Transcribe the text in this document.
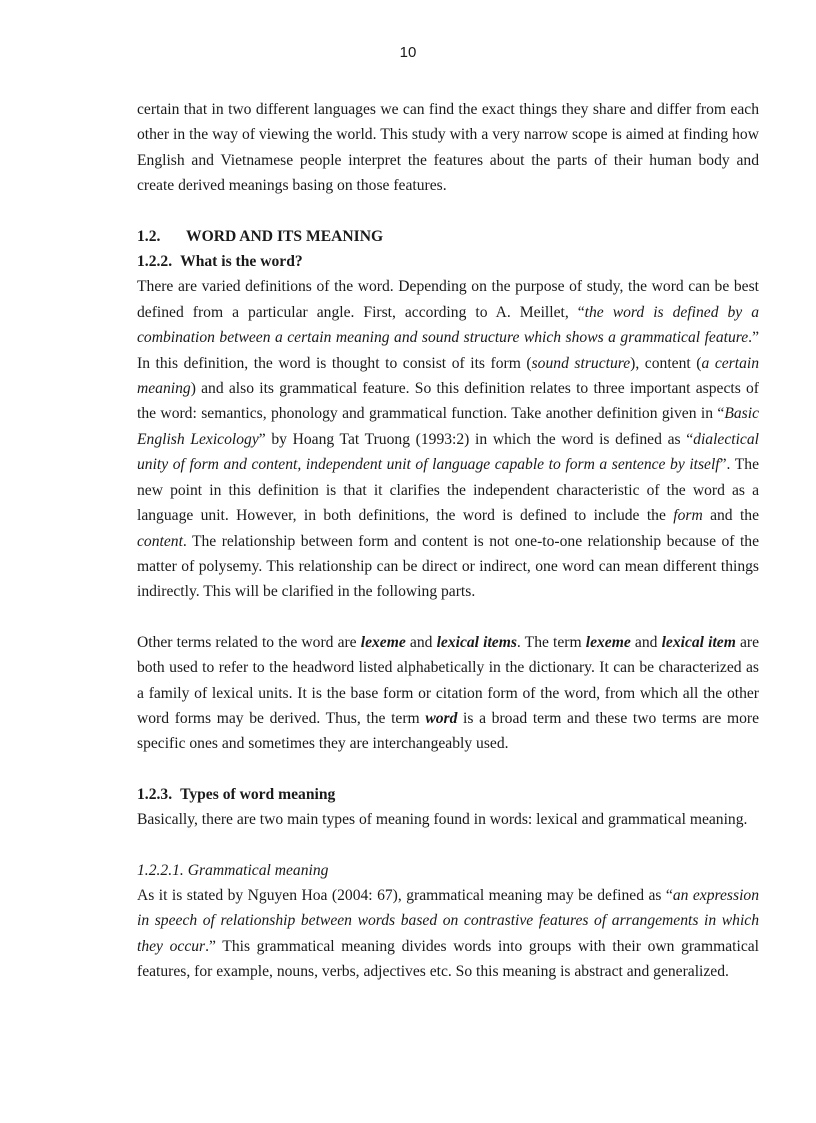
10

certain that in two different languages we can find the exact things they share and differ from each other in the way of viewing the world. This study with a very narrow scope is aimed at finding how English and Vietnamese people interpret the features about the parts of their human body and create derived meanings basing on those features.

1.2. WORD AND ITS MEANING
1.2.2. What is the word?

There are varied definitions of the word. Depending on the purpose of study, the word can be best defined from a particular angle. First, according to A. Meillet, “the word is defined by a combination between a certain meaning and sound structure which shows a grammatical feature.” In this definition, the word is thought to consist of its form (sound structure), content (a certain meaning) and also its grammatical feature. So this definition relates to three important aspects of the word: semantics, phonology and grammatical function. Take another definition given in “Basic English Lexicology” by Hoang Tat Truong (1993:2) in which the word is defined as “dialectical unity of form and content, independent unit of language capable to form a sentence by itself”. The new point in this definition is that it clarifies the independent characteristic of the word as a language unit. However, in both definitions, the word is defined to include the form and the content. The relationship between form and content is not one-to-one relationship because of the matter of polysemy. This relationship can be direct or indirect, one word can mean different things indirectly. This will be clarified in the following parts.

Other terms related to the word are lexeme and lexical items. The term lexeme and lexical item are both used to refer to the headword listed alphabetically in the dictionary. It can be characterized as a family of lexical units. It is the base form or citation form of the word, from which all the other word forms may be derived. Thus, the term word is a broad term and these two terms are more specific ones and sometimes they are interchangeably used.

1.2.3. Types of word meaning

Basically, there are two main types of meaning found in words: lexical and grammatical meaning.

1.2.2.1. Grammatical meaning

As it is stated by Nguyen Hoa (2004: 67), grammatical meaning may be defined as “an expression in speech of relationship between words based on contrastive features of arrangements in which they occur.” This grammatical meaning divides words into groups with their own grammatical features, for example, nouns, verbs, adjectives etc. So this meaning is abstract and generalized.
